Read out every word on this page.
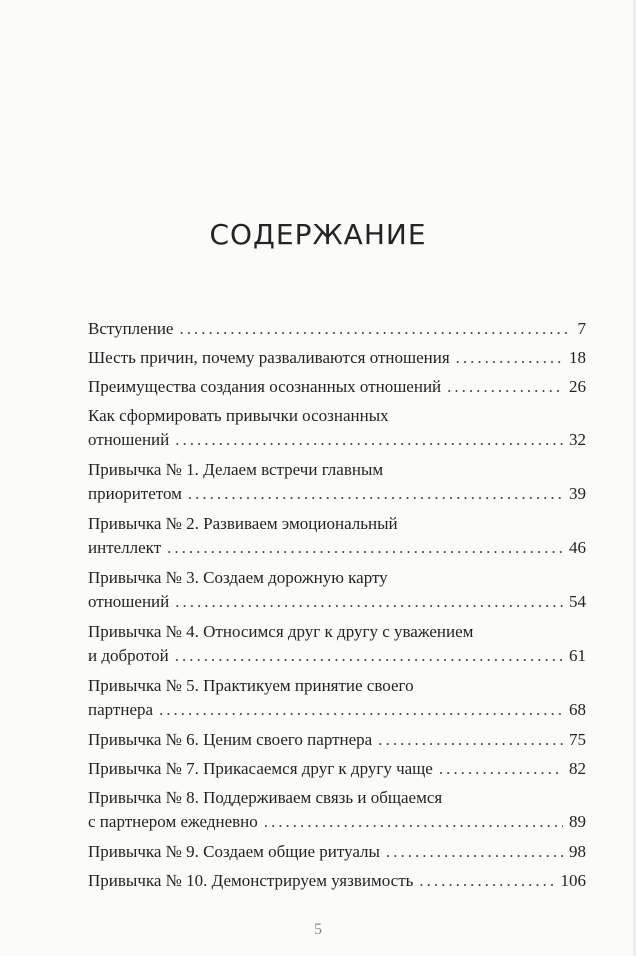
СОДЕРЖАНИЕ
Вступление .....	7
Шесть причин, почему разваливаются отношения .....	18
Преимущества создания осознанных отношений .....	26
Как сформировать привычки осознанных
отношений .....	32
Привычка № 1. Делаем встречи главным
приоритетом .....	39
Привычка № 2. Развиваем эмоциональный
интеллект .....	46
Привычка № 3. Создаем дорожную карту
отношений .....	54
Привычка № 4. Относимся друг к другу с уважением
и добротой .....	61
Привычка № 5. Практикуем принятие своего
партнера .....	68
Привычка № 6. Ценим своего партнера .....	75
Привычка № 7. Прикасаемся друг к другу чаще .....	82
Привычка № 8. Поддерживаем связь и общаемся
с партнером ежедневно .....	89
Привычка № 9. Создаем общие ритуалы .....	98
Привычка № 10. Демонстрируем уязвимость .....	106
5
